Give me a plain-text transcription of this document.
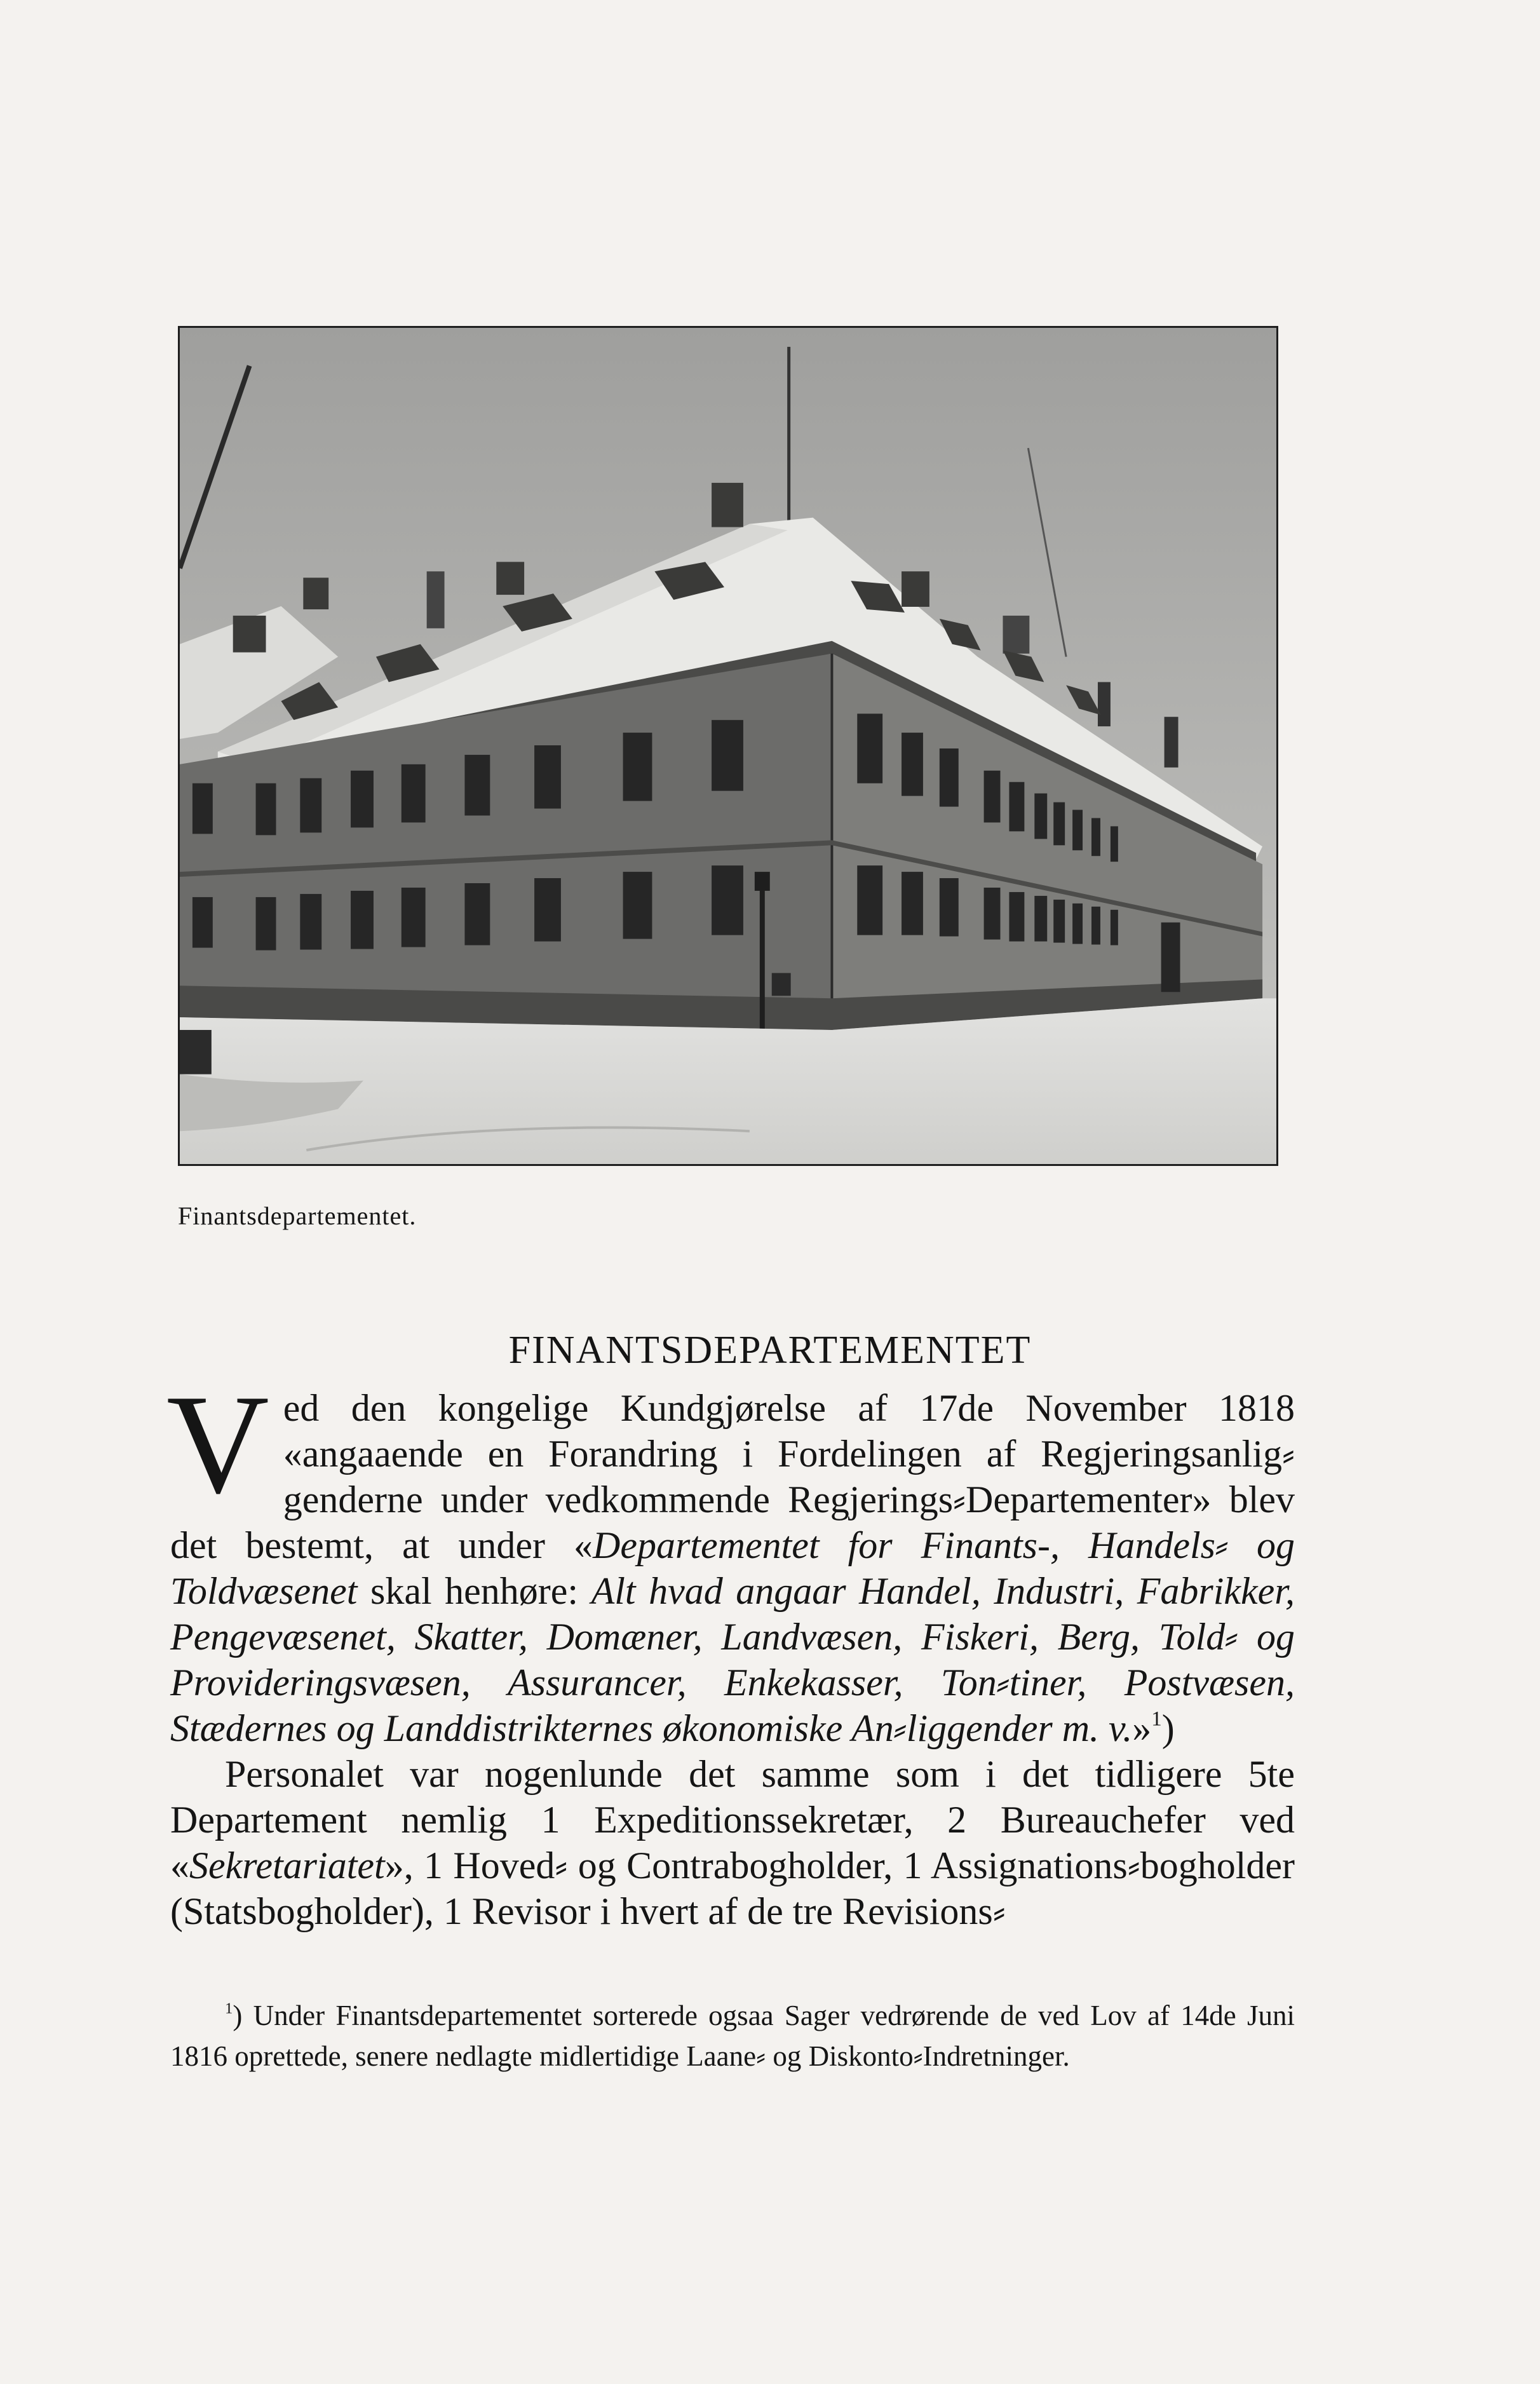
Finantsdepartementet.
FINANTSDEPARTEMENTET

Ved den kongelige Kundgjørelse af 17de November 1818 «angaaende en Forandring i Fordelingen af Regjeringsanlig⸗genderne under vedkommende Regjerings⸗Departementer» blev det bestemt, at under «Departementet for Finants-, Handels⸗ og Toldvæsenet skal henhøre: Alt hvad angaar Handel, Industri, Fabrikker, Pengevæsenet, Skatter, Domæner, Landvæsen, Fiskeri, Berg, Told⸗ og Provideringsvæsen, Assurancer, Enkekasser, Ton⸗tiner, Postvæsen, Stædernes og Landdistrikternes økonomiske An⸗liggender m. v.»$^1$)

Personalet var nogenlunde det samme som i det tidligere 5te Departement nemlig 1 Expeditionssekretær, 2 Bureauchefer ved «Sekretariatet», 1 Hoved⸗ og Contrabogholder, 1 Assignations⸗bogholder (Statsbogholder), 1 Revisor i hvert af de tre Revisions⸗

$^1$) Under Finantsdepartementet sorterede ogsaa Sager vedrørende de ved Lov af 14de Juni 1816 oprettede, senere nedlagte midlertidige Laane⸗ og Diskonto⸗Indretninger.
